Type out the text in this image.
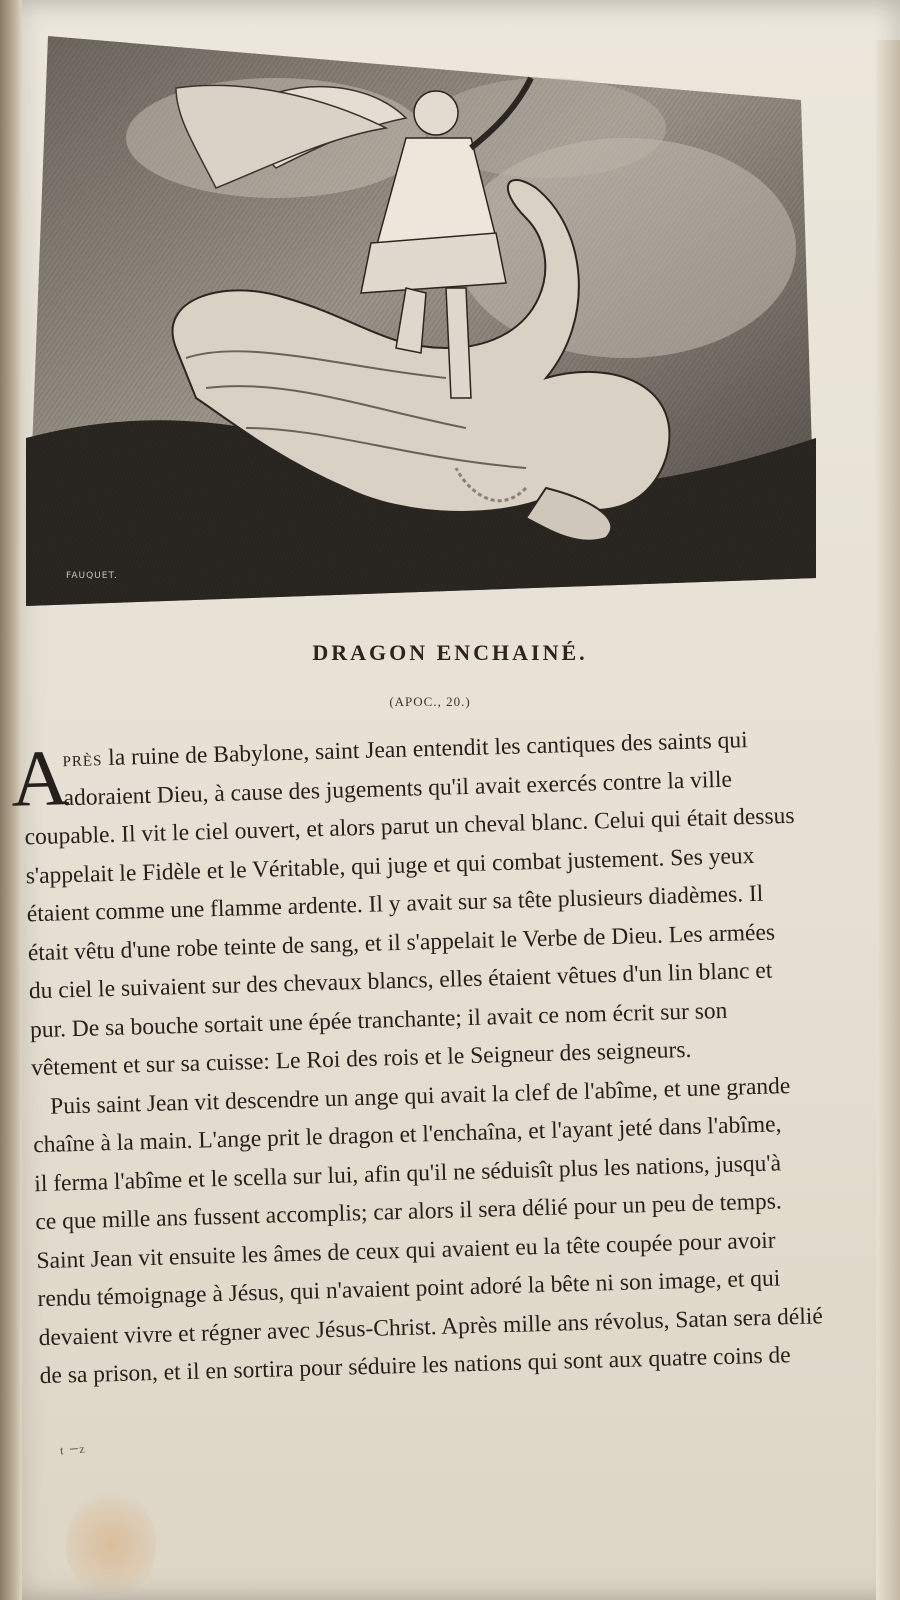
FAUQUET.
PÉGARD.
DRAGON ENCHAINÉ.
(APOC., 20.)
A
PRÈS la ruine de Babylone, saint Jean entendit les cantiques des saints qui
adoraient Dieu, à cause des jugements qu'il avait exercés contre la ville
coupable. Il vit le ciel ouvert, et alors parut un cheval blanc. Celui qui était dessus
s'appelait le Fidèle et le Véritable, qui juge et qui combat justement. Ses yeux
étaient comme une flamme ardente. Il y avait sur sa tête plusieurs diadèmes. Il
était vêtu d'une robe teinte de sang, et il s'appelait le Verbe de Dieu. Les armées
du ciel le suivaient sur des chevaux blancs, elles étaient vêtues d'un lin blanc et
pur. De sa bouche sortait une épée tranchante; il avait ce nom écrit sur son
vêtement et sur sa cuisse: Le Roi des rois et le Seigneur des seigneurs.
Puis saint Jean vit descendre un ange qui avait la clef de l'abîme, et une grande
chaîne à la main. L'ange prit le dragon et l'enchaîna, et l'ayant jeté dans l'abîme,
il ferma l'abîme et le scella sur lui, afin qu'il ne séduisît plus les nations, jusqu'à
ce que mille ans fussent accomplis; car alors il sera délié pour un peu de temps.
Saint Jean vit ensuite les âmes de ceux qui avaient eu la tête coupée pour avoir
rendu témoignage à Jésus, qui n'avaient point adoré la bête ni son image, et qui
devaient vivre et régner avec Jésus-Christ. Après mille ans révolus, Satan sera délié
de sa prison, et il en sortira pour séduire les nations qui sont aux quatre coins de
ᵗ ⁻ᶻ
